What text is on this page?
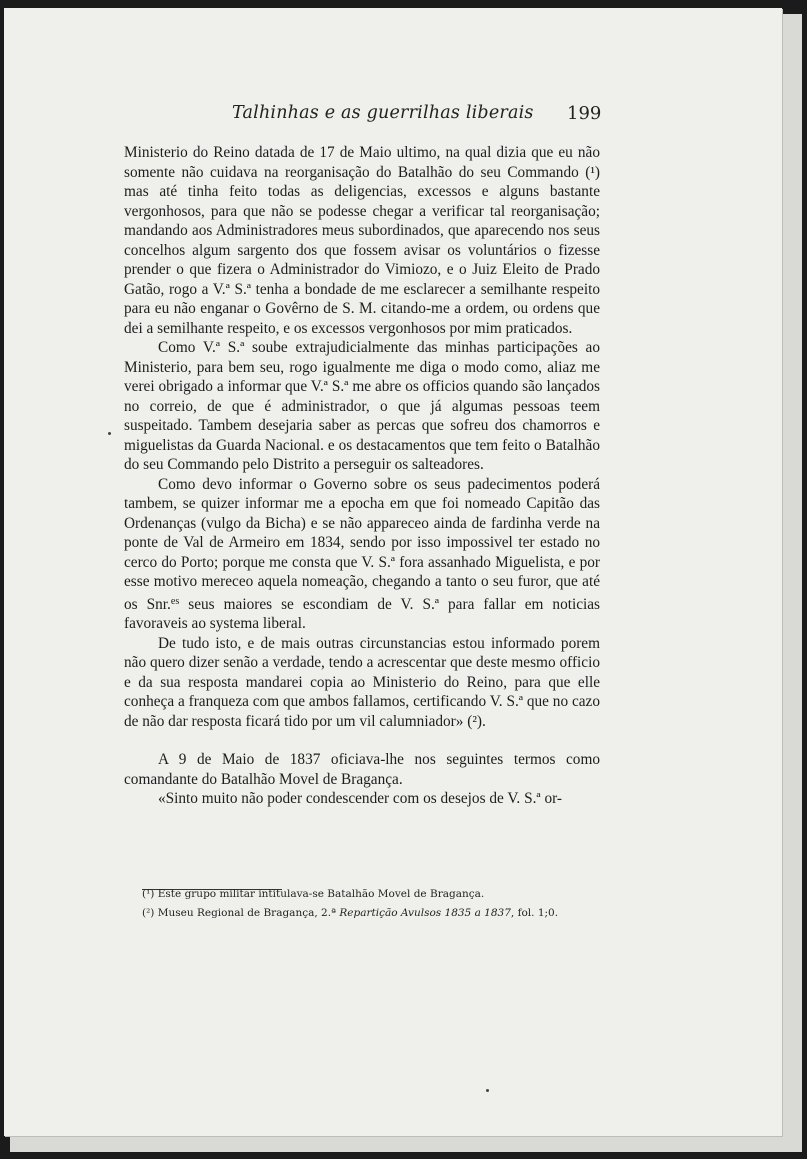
Talhinhas e as guerrilhas liberais 199

Ministerio do Reino datada de 17 de Maio ultimo, na qual dizia que eu não somente não cuidava na reorganisação do Batalhão do seu Commando (¹) mas até tinha feito todas as deligencias, excessos e alguns bastante vergonhosos, para que não se podesse chegar a verificar tal reorganisação; mandando aos Administradores meus subordinados, que aparecendo nos seus concelhos algum sargento dos que fossem avisar os voluntários o fizesse prender o que fizera o Administrador do Vimiozo, e o Juiz Eleito de Prado Gatão, rogo a V.ª S.ª tenha a bondade de me esclarecer a semilhante respeito para eu não enganar o Govêrno de S. M. citando-me a ordem, ou ordens que dei a semilhante respeito, e os excessos vergonhosos por mim praticados.

Como V.ª S.ª soube extrajudicialmente das minhas participações ao Ministerio, para bem seu, rogo igualmente me diga o modo como, aliaz me verei obrigado a informar que V.ª S.ª me abre os officios quando são lançados no correio, de que é administrador, o que já algumas pessoas teem suspeitado. Tambem desejaria saber as percas que sofreu dos chamorros e miguelistas da Guarda Nacional. e os destacamentos que tem feito o Batalhão do seu Commando pelo Distrito a perseguir os salteadores.

Como devo informar o Governo sobre os seus padecimentos poderá tambem, se quizer informar me a epocha em que foi nomeado Capitão das Ordenanças (vulgo da Bicha) e se não appareceo ainda de fardinha verde na ponte de Val de Armeiro em 1834, sendo por isso impossivel ter estado no cerco do Porto; porque me consta que V. S.ª fora assanhado Miguelista, e por esse motivo mereceo aquela nomeação, chegando a tanto o seu furor, que até os Snr.$^{es}$ seus maiores se escondiam de V. S.ª para fallar em noticias favoraveis ao systema liberal.

De tudo isto, e de mais outras circunstancias estou informado porem não quero dizer senão a verdade, tendo a acrescentar que deste mesmo officio e da sua resposta mandarei copia ao Ministerio do Reino, para que elle conheça a franqueza com que ambos fallamos, certificando V. S.ª que no cazo de não dar resposta ficará tido por um vil calumniador» (²).

A 9 de Maio de 1837 oficiava-lhe nos seguintes termos como comandante do Batalhão Movel de Bragança.

«Sinto muito não poder condescender com os desejos de V. S.ª or-

(¹) Este grupo militar intitulava-se Batalhão Movel de Bragança.

(²) Museu Regional de Bragança, 2.ª Repartição Avulsos 1835 a 1837, fol. 1;0.
